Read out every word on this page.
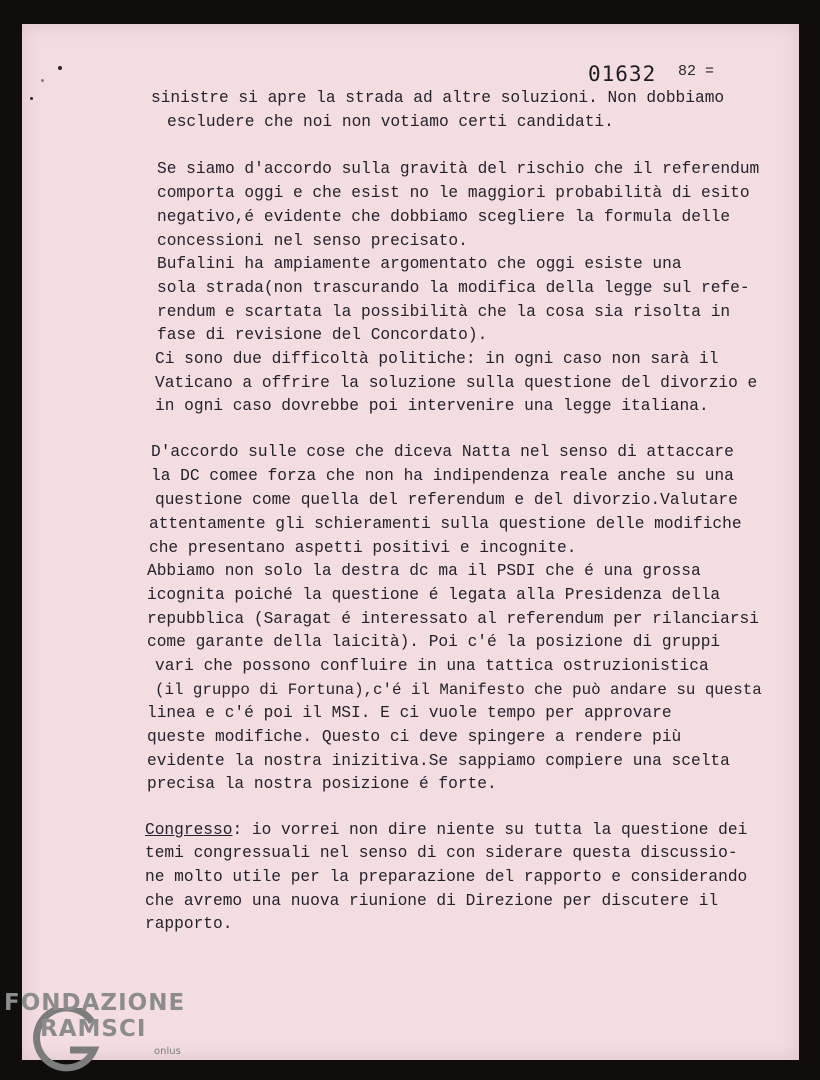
01632 82 =
sinistre si apre la strada ad altre soluzioni. Non dobbiamo
escludere che noi non votiamo certi candidati.
Se siamo d'accordo sulla gravità del rischio che il referendum
comporta oggi e che esist no le maggiori probabilità di esito
negativo,é evidente che dobbiamo scegliere la formula delle
concessioni nel senso precisato.
Bufalini ha ampiamente argomentato che oggi esiste una
sola strada(non trascurando la modifica della legge sul refe-
rendum e scartata la possibilità che la cosa sia risolta in
fase di revisione del Concordato).
Ci sono due difficoltà politiche: in ogni caso non sarà il
Vaticano a offrire la soluzione sulla questione del divorzio e
in ogni caso dovrebbe poi intervenire una legge italiana.
D'accordo sulle cose che diceva Natta nel senso di attaccare
la DC comee forza che non ha indipendenza reale anche su una
questione come quella del referendum e del divorzio.Valutare
attentamente gli schieramenti sulla questione delle modifiche
che presentano aspetti positivi e incognite.
Abbiamo non solo la destra dc ma il PSDI che é una grossa
icognita poiché la questione é legata alla Presidenza della
repubblica (Saragat é interessato al referendum per rilanciarsi
come garante della laicità). Poi c'é la posizione di gruppi
vari che possono confluire in una tattica ostruzionistica
(il gruppo di Fortuna),c'é il Manifesto che può andare su questa
linea e c'é poi il MSI. E ci vuole tempo per approvare
queste modifiche. Questo ci deve spingere a rendere più
evidente la nostra inizitiva.Se sappiamo compiere una scelta
precisa la nostra posizione é forte.
Congresso: io vorrei non dire niente su tutta la questione dei
temi congressuali nel senso di con siderare questa discussio-
ne molto utile per la preparazione del rapporto e considerando
che avremo una nuova riunione di Direzione per discutere il
rapporto.
FONDAZIONE
RAMSCI
onlus
